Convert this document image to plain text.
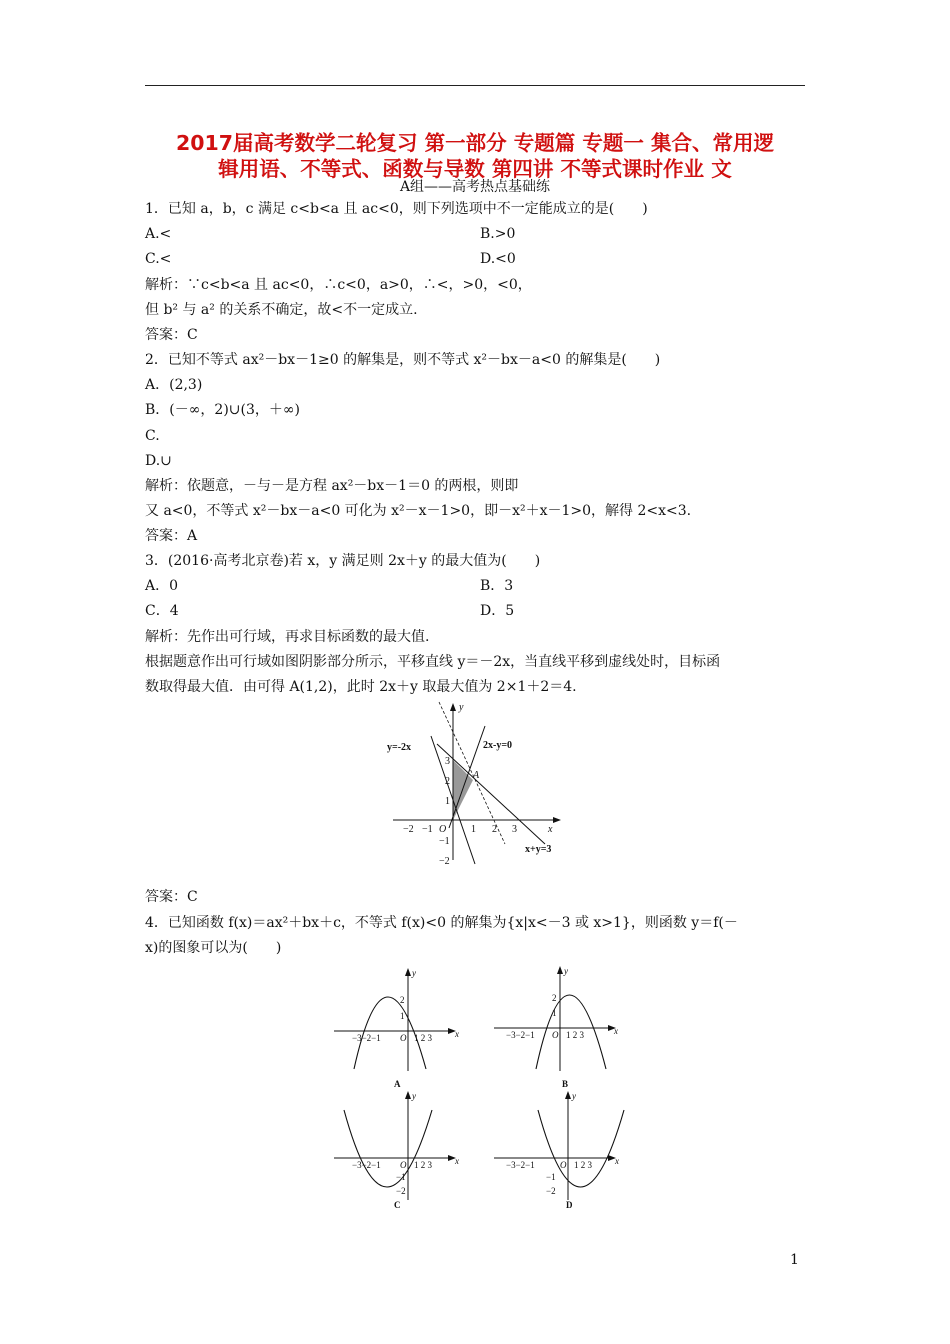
2017届高考数学二轮复习 第一部分 专题篇 专题一 集合、常用逻
辑用语、不等式、函数与导数 第四讲 不等式课时作业 文
A组——高考热点基础练
1．已知 a，b，c 满足 c<b<a 且 ac<0，则下列选项中不一定能成立的是(　　)
A.<	B.>0
C.<	D.<0
解析：∵c<b<a 且 ac<0，∴c<0，a>0，∴<，>0，<0，
但 b² 与 a² 的关系不确定，故<不一定成立.
答案：C
2．已知不等式 ax²－bx－1≥0 的解集是，则不等式 x²－bx－a<0 的解集是(　　)
A．(2,3)
B．(－∞，2)∪(3，＋∞)
C.
D.∪
解析：依题意，－与－是方程 ax²－bx－1＝0 的两根，则即
又 a<0，不等式 x²－bx－a<0 可化为 x²－x－1>0，即－x²＋x－1>0，解得 2<x<3.
答案：A
3．(2016·高考北京卷)若 x，y 满足则 2x＋y 的最大值为(　　)
A．0	B．3
C．4	D．5
解析：先作出可行域，再求目标函数的最大值.
根据题意作出可行域如图阴影部分所示，平移直线 y＝－2x，当直线平移到虚线处时，目标函
数取得最大值．由可得 A(1,2)，此时 2x＋y 取最大值为 2×1＋2＝4.
x
y
O
A
y=-2x	2x-y=0
x+y=3
−2 −1	1 2 3
3
2
1
−1
−2
答案：C
4．已知函数 f(x)＝ax²＋bx＋c，不等式 f(x)<0 的解集为{x|x<－3 或 x>1}，则函数 y＝f(－
x)的图象可以为(　　)
x
y
−3−2−1 O 1 2 3
2
1
A
x
y
−3−2−1 O 1 2 3
2
1
B
x
y
−3−2−1 O 1 2 3
−1
−2
C
x
y
−3−2−1	O 1 2 3
−1
−2
D
1
